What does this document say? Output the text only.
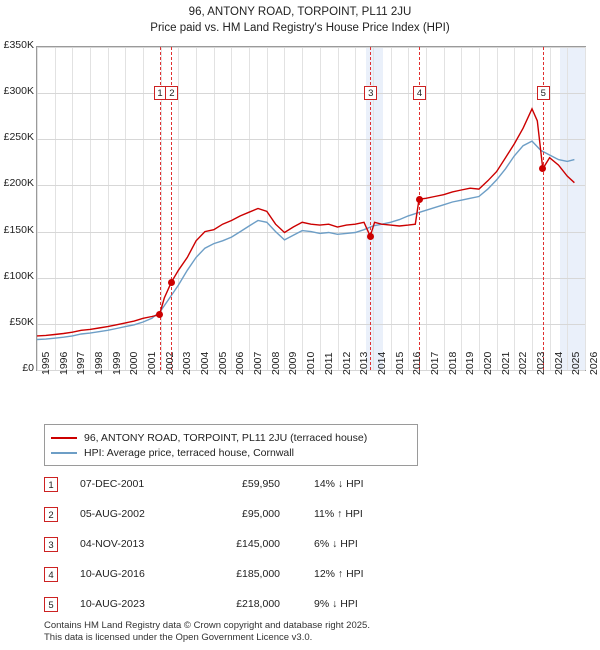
96, ANTONY ROAD, TORPOINT, PL11 2JU
Price paid vs. HM Land Registry's House Price Index (HPI)
1 2	3	4	5
96, ANTONY ROAD, TORPOINT, PL11 2JU (terraced house)
HPI: Average price, terraced house, Cornwall
1	07-DEC-2001	£59,950	14% ↓ HPI
2	05-AUG-2002	£95,000	11% ↑ HPI
3	04-NOV-2013	£145,000	6% ↓ HPI
4	10-AUG-2016	£185,000	12% ↑ HPI
5	10-AUG-2023	£218,000	9% ↓ HPI
Contains HM Land Registry data © Crown copyright and database right 2025.
This data is licensed under the Open Government Licence v3.0.
1995 1996 1997 1998 1999 2000 2001 2002 2003 2004 2005 2006 2007 2008 2009 2010 2011 2012 2013 2014 2015 2016 2017 2018 2019 2020 2021 2022 2023 2024 2025 2026
£0
£50K
£100K
£150K
£200K
£250K
£300K
£350K
